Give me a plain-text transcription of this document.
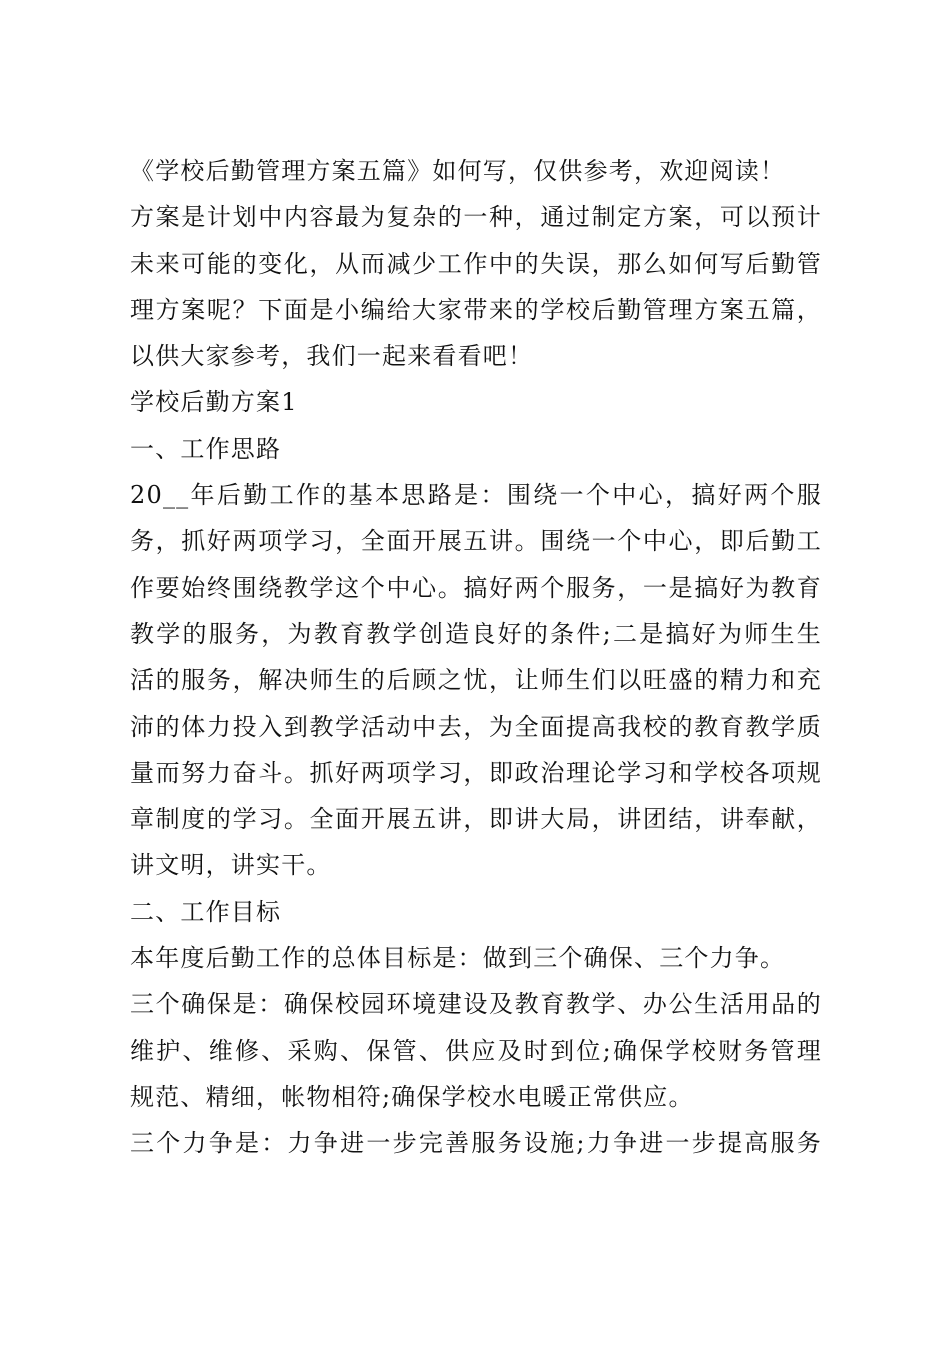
《学校后勤管理方案五篇》如何写，仅供参考，欢迎阅读！
方案是计划中内容最为复杂的一种，通过制定方案，可以预计
未来可能的变化，从而减少工作中的失误，那么如何写后勤管
理方案呢？下面是小编给大家带来的学校后勤管理方案五篇，
以供大家参考，我们一起来看看吧！
学校后勤方案1
一、工作思路
20__年后勤工作的基本思路是：围绕一个中心，搞好两个服
务，抓好两项学习，全面开展五讲。围绕一个中心，即后勤工
作要始终围绕教学这个中心。搞好两个服务，一是搞好为教育
教学的服务，为教育教学创造良好的条件;二是搞好为师生生
活的服务，解决师生的后顾之忧，让师生们以旺盛的精力和充
沛的体力投入到教学活动中去，为全面提高我校的教育教学质
量而努力奋斗。抓好两项学习，即政治理论学习和学校各项规
章制度的学习。全面开展五讲，即讲大局，讲团结，讲奉献，
讲文明，讲实干。
二、工作目标
本年度后勤工作的总体目标是：做到三个确保、三个力争。
三个确保是：确保校园环境建设及教育教学、办公生活用品的
维护、维修、采购、保管、供应及时到位;确保学校财务管理
规范、精细，帐物相符;确保学校水电暖正常供应。
三个力争是：力争进一步完善服务设施;力争进一步提高服务
